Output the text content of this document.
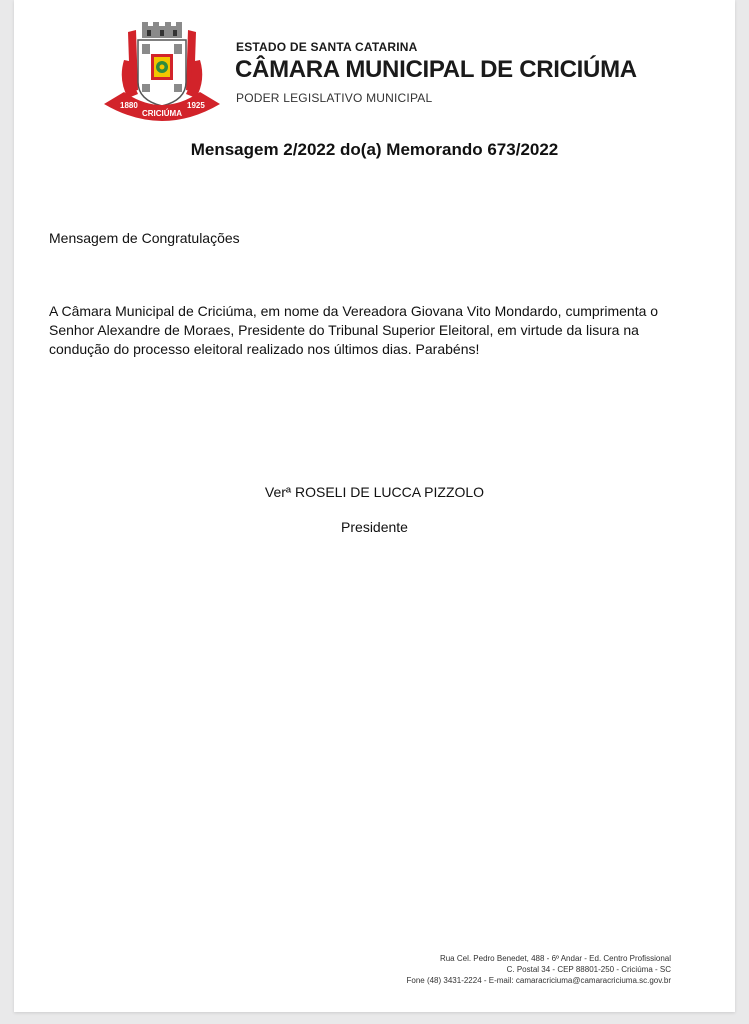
1880	1925
CRICIÚMA
ESTADO DE SANTA CATARINA
CÂMARA MUNICIPAL DE CRICIÚMA
PODER LEGISLATIVO MUNICIPAL
Mensagem 2/2022 do(a) Memorando 673/2022
Mensagem de Congratulações
A Câmara Municipal de Criciúma, em nome da Vereadora Giovana Vito Mondardo, cumprimenta o
Senhor Alexandre de Moraes, Presidente do Tribunal Superior Eleitoral, em virtude da lisura na
condução do processo eleitoral realizado nos últimos dias. Parabéns!
Verª ROSELI DE LUCCA PIZZOLO
Presidente
Rua Cel. Pedro Benedet, 488 - 6º Andar - Ed. Centro Profissional
C. Postal 34 - CEP 88801-250 - Criciúma - SC
Fone (48) 3431-2224 - E-mail: camaracriciuma@camaracriciuma.sc.gov.br
